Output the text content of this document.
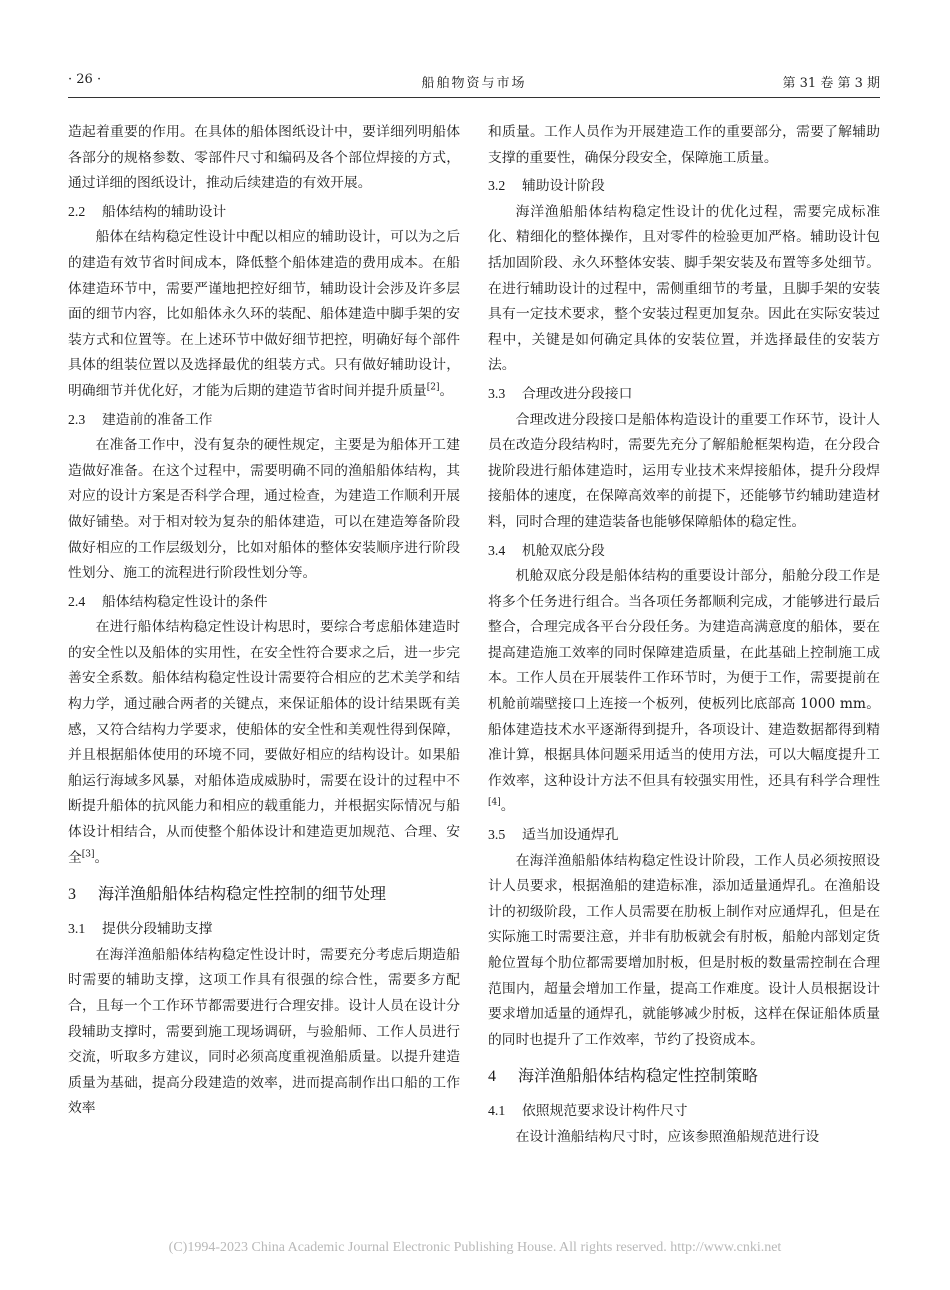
· 26 ·	船舶物资与市场	第 31 卷 第 3 期

造起着重要的作用。在具体的船体图纸设计中，要详细列明船体各部分的规格参数、零部件尺寸和编码及各个部位焊接的方式，通过详细的图纸设计，推动后续建造的有效开展。

2.2 船体结构的辅助设计

船体在结构稳定性设计中配以相应的辅助设计，可以为之后的建造有效节省时间成本，降低整个船体建造的费用成本。在船体建造环节中，需要严谨地把控好细节，辅助设计会涉及许多层面的细节内容，比如船体永久环的装配、船体建造中脚手架的安装方式和位置等。在上述环节中做好细节把控，明确好每个部件具体的组装位置以及选择最优的组装方式。只有做好辅助设计，明确细节并优化好，才能为后期的建造节省时间并提升质量[2]。

2.3 建造前的准备工作

在准备工作中，没有复杂的硬性规定，主要是为船体开工建造做好准备。在这个过程中，需要明确不同的渔船船体结构，其对应的设计方案是否科学合理，通过检查，为建造工作顺利开展做好铺垫。对于相对较为复杂的船体建造，可以在建造筹备阶段做好相应的工作层级划分，比如对船体的整体安装顺序进行阶段性划分、施工的流程进行阶段性划分等。

2.4 船体结构稳定性设计的条件

在进行船体结构稳定性设计构思时，要综合考虑船体建造时的安全性以及船体的实用性，在安全性符合要求之后，进一步完善安全系数。船体结构稳定性设计需要符合相应的艺术美学和结构力学，通过融合两者的关键点，来保证船体的设计结果既有美感，又符合结构力学要求，使船体的安全性和美观性得到保障，并且根据船体使用的环境不同，要做好相应的结构设计。如果船舶运行海域多风暴，对船体造成威胁时，需要在设计的过程中不断提升船体的抗风能力和相应的载重能力，并根据实际情况与船体设计相结合，从而使整个船体设计和建造更加规范、合理、安全[3]。

3 海洋渔船船体结构稳定性控制的细节处理
3.1 提供分段辅助支撑

在海洋渔船船体结构稳定性设计时，需要充分考虑后期造船时需要的辅助支撑，这项工作具有很强的综合性，需要多方配合，且每一个工作环节都需要进行合理安排。设计人员在设计分段辅助支撑时，需要到施工现场调研，与验船师、工作人员进行交流，听取多方建议，同时必须高度重视渔船质量。以提升建造质量为基础，提高分段建造的效率，进而提高制作出口船的工作效率

和质量。工作人员作为开展建造工作的重要部分，需要了解辅助支撑的重要性，确保分段安全，保障施工质量。

3.2 辅助设计阶段

海洋渔船船体结构稳定性设计的优化过程，需要完成标准化、精细化的整体操作，且对零件的检验更加严格。辅助设计包括加固阶段、永久环整体安装、脚手架安装及布置等多处细节。在进行辅助设计的过程中，需侧重细节的考量，且脚手架的安装具有一定技术要求，整个安装过程更加复杂。因此在实际安装过程中，关键是如何确定具体的安装位置，并选择最佳的安装方法。

3.3 合理改进分段接口

合理改进分段接口是船体构造设计的重要工作环节，设计人员在改造分段结构时，需要先充分了解船舱框架构造，在分段合拢阶段进行船体建造时，运用专业技术来焊接船体，提升分段焊接船体的速度，在保障高效率的前提下，还能够节约辅助建造材料，同时合理的建造装备也能够保障船体的稳定性。

3.4 机舱双底分段

机舱双底分段是船体结构的重要设计部分，船舱分段工作是将多个任务进行组合。当各项任务都顺利完成，才能够进行最后整合，合理完成各平台分段任务。为建造高满意度的船体，要在提高建造施工效率的同时保障建造质量，在此基础上控制施工成本。工作人员在开展装件工作环节时，为便于工作，需要提前在机舱前端壁接口上连接一个板列，使板列比底部高 1000 mm。船体建造技术水平逐渐得到提升，各项设计、建造数据都得到精准计算，根据具体问题采用适当的使用方法，可以大幅度提升工作效率，这种设计方法不但具有较强实用性，还具有科学合理性[4]。

3.5 适当加设通焊孔

在海洋渔船船体结构稳定性设计阶段，工作人员必须按照设计人员要求，根据渔船的建造标准，添加适量通焊孔。在渔船设计的初级阶段，工作人员需要在肋板上制作对应通焊孔，但是在实际施工时需要注意，并非有肋板就会有肘板，船舱内部划定货舱位置每个肋位都需要增加肘板，但是肘板的数量需控制在合理范围内，超量会增加工作量，提高工作难度。设计人员根据设计要求增加适量的通焊孔，就能够减少肘板，这样在保证船体质量的同时也提升了工作效率，节约了投资成本。

4 海洋渔船船体结构稳定性控制策略
4.1 依照规范要求设计构件尺寸

在设计渔船结构尺寸时，应该参照渔船规范进行设

(C)1994-2023 China Academic Journal Electronic Publishing House. All rights reserved. http://www.cnki.net
